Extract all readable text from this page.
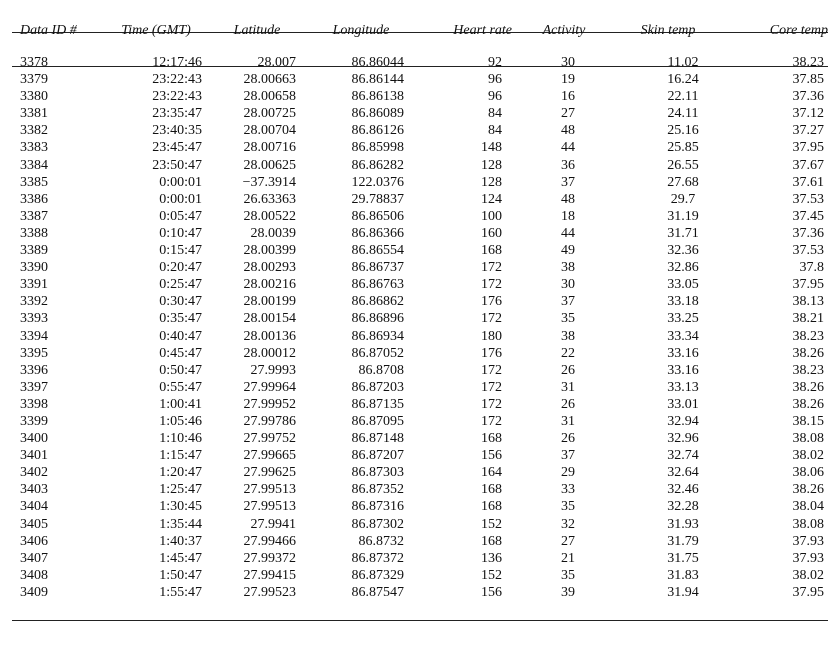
Data ID #	Time (GMT)	Latitude	Longitude	Heart rate	Activity	Skin temp	Core temp
3378	12:17:46	28.007	86.86044	92	30	11.02	38.23
3379	23:22:43	28.00663	86.86144	96	19	16.24	37.85
3380	23:22:43	28.00658	86.86138	96	16	22.11	37.36
3381	23:35:47	28.00725	86.86089	84	27	24.11	37.12
3382	23:40:35	28.00704	86.86126	84	48	25.16	37.27
3383	23:45:47	28.00716	86.85998	148	44	25.85	37.95
3384	23:50:47	28.00625	86.86282	128	36	26.55	37.67
3385	0:00:01	−37.3914	122.0376	128	37	27.68	37.61
3386	0:00:01	26.63363	29.78837	124	48	29.7	37.53
3387	0:05:47	28.00522	86.86506	100	18	31.19	37.45
3388	0:10:47	28.0039	86.86366	160	44	31.71	37.36
3389	0:15:47	28.00399	86.86554	168	49	32.36	37.53
3390	0:20:47	28.00293	86.86737	172	38	32.86	37.8
3391	0:25:47	28.00216	86.86763	172	30	33.05	37.95
3392	0:30:47	28.00199	86.86862	176	37	33.18	38.13
3393	0:35:47	28.00154	86.86896	172	35	33.25	38.21
3394	0:40:47	28.00136	86.86934	180	38	33.34	38.23
3395	0:45:47	28.00012	86.87052	176	22	33.16	38.26
3396	0:50:47	27.9993	86.8708	172	26	33.16	38.23
3397	0:55:47	27.99964	86.87203	172	31	33.13	38.26
3398	1:00:41	27.99952	86.87135	172	26	33.01	38.26
3399	1:05:46	27.99786	86.87095	172	31	32.94	38.15
3400	1:10:46	27.99752	86.87148	168	26	32.96	38.08
3401	1:15:47	27.99665	86.87207	156	37	32.74	38.02
3402	1:20:47	27.99625	86.87303	164	29	32.64	38.06
3403	1:25:47	27.99513	86.87352	168	33	32.46	38.26
3404	1:30:45	27.99513	86.87316	168	35	32.28	38.04
3405	1:35:44	27.9941	86.87302	152	32	31.93	38.08
3406	1:40:37	27.99466	86.8732	168	27	31.79	37.93
3407	1:45:47	27.99372	86.87372	136	21	31.75	37.93
3408	1:50:47	27.99415	86.87329	152	35	31.83	38.02
3409	1:55:47	27.99523	86.87547	156	39	31.94	37.95
